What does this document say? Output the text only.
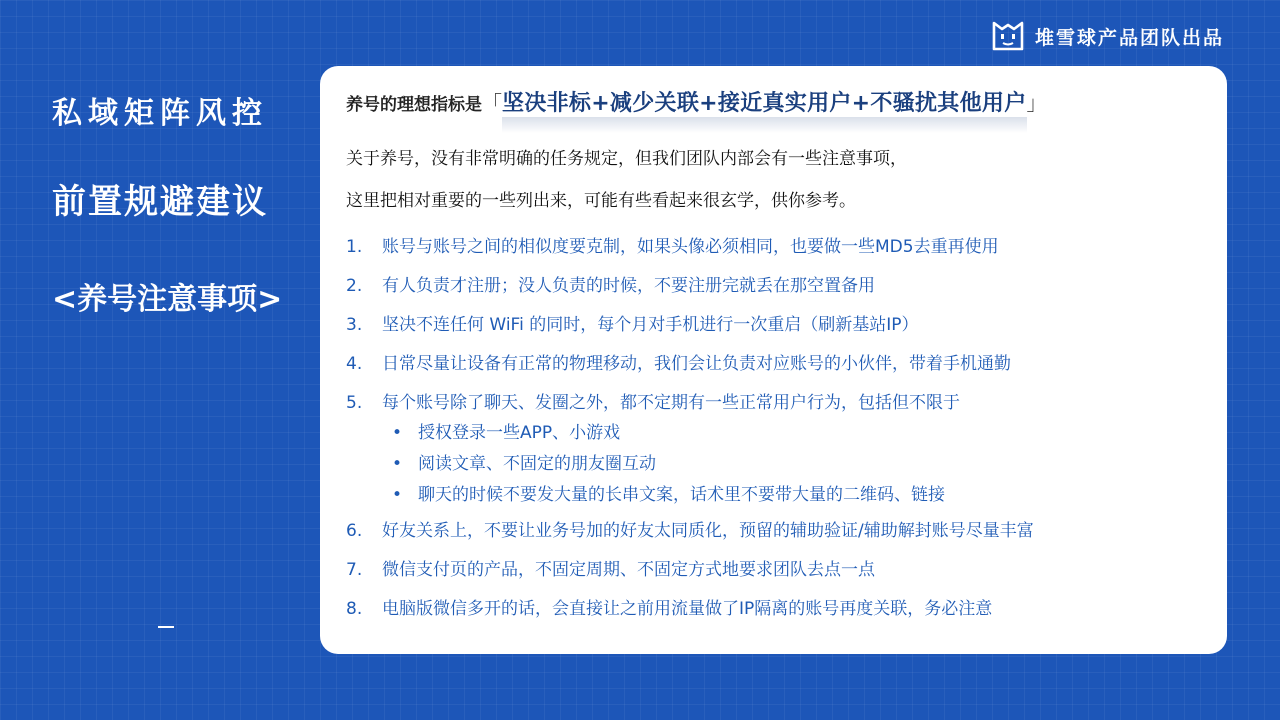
堆雪球产品团队出品
私域矩阵风控
前置规避建议
<养号注意事项>
养号的理想指标是 「 坚决非标+减少关联+接近真实用户+不骚扰其他用户 」
关于养号，没有非常明确的任务规定，但我们团队内部会有一些注意事项，
这里把相对重要的一些列出来，可能有些看起来很玄学，供你参考。
1.	账号与账号之间的相似度要克制，如果头像必须相同，也要做一些MD5去重再使用
2.	有人负责才注册；没人负责的时候，不要注册完就丢在那空置备用
3.	坚决不连任何 WiFi 的同时，每个月对手机进行一次重启（刷新基站IP）
4.	日常尽量让设备有正常的物理移动，我们会让负责对应账号的小伙伴，带着手机通勤
5.	每个账号除了聊天、发圈之外，都不定期有一些正常用户行为，包括但不限于
• 授权登录一些APP、小游戏
• 阅读文章、不固定的朋友圈互动
• 聊天的时候不要发大量的长串文案，话术里不要带大量的二维码、链接
6.	好友关系上，不要让业务号加的好友太同质化，预留的辅助验证/辅助解封账号尽量丰富
7.	微信支付页的产品，不固定周期、不固定方式地要求团队去点一点
8.	电脑版微信多开的话，会直接让之前用流量做了IP隔离的账号再度关联，务必注意
